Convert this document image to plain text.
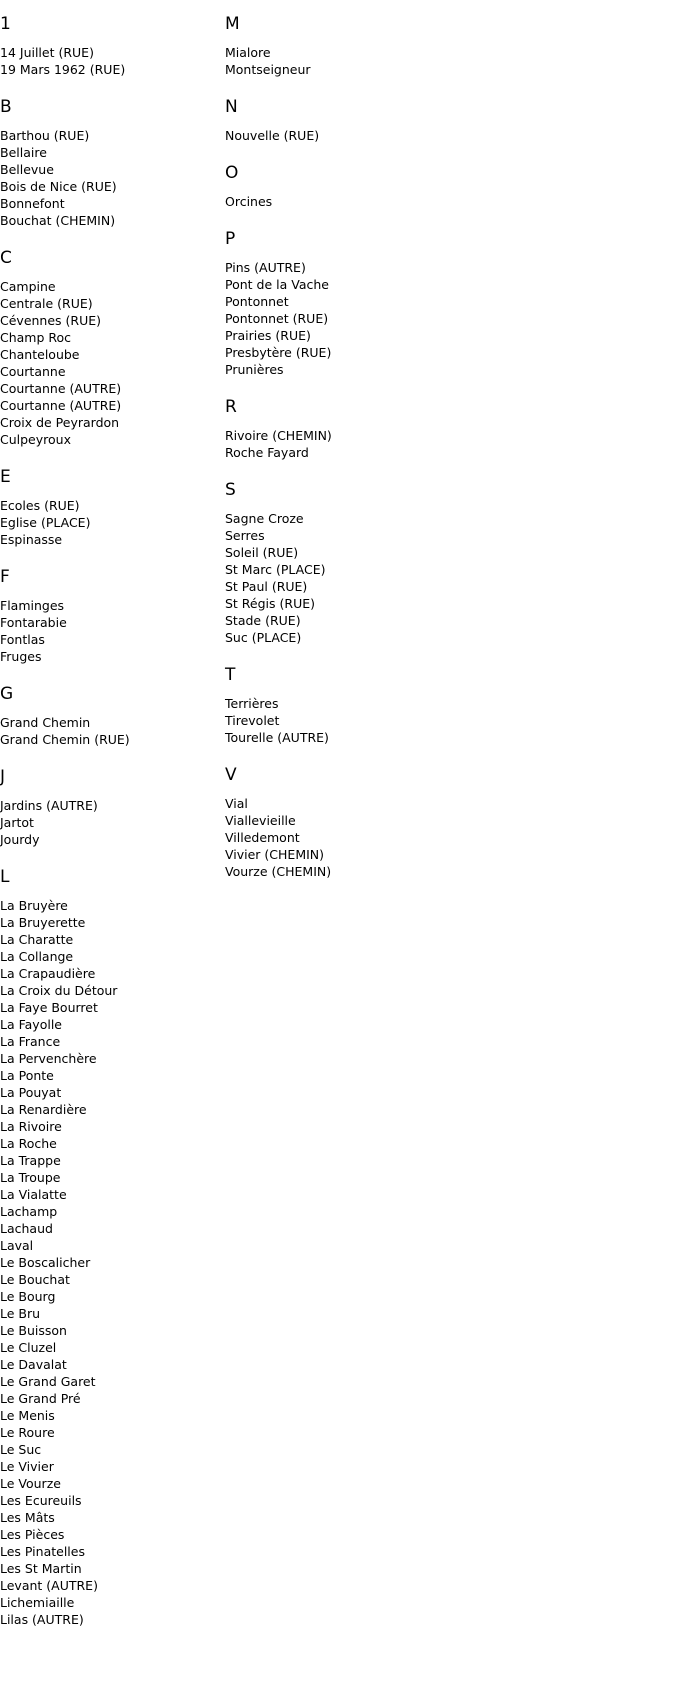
1
14 Juillet (RUE)
19 Mars 1962 (RUE)
B
Barthou (RUE)
Bellaire
Bellevue
Bois de Nice (RUE)
Bonnefont
Bouchat (CHEMIN)
C
Campine
Centrale (RUE)
Cévennes (RUE)
Champ Roc
Chanteloube
Courtanne
Courtanne (AUTRE)
Courtanne (AUTRE)
Croix de Peyrardon
Culpeyroux
E
Ecoles (RUE)
Eglise (PLACE)
Espinasse
F
Flaminges
Fontarabie
Fontlas
Fruges
G
Grand Chemin
Grand Chemin (RUE)
J
Jardins (AUTRE)
Jartot
Jourdy
L
La Bruyère
La Bruyerette
La Charatte
La Collange
La Crapaudière
La Croix du Détour
La Faye Bourret
La Fayolle
La France
La Pervenchère
La Ponte
La Pouyat
La Renardière
La Rivoire
La Roche
La Trappe
La Troupe
La Vialatte
Lachamp
Lachaud
Laval
Le Boscalicher
Le Bouchat
Le Bourg
Le Bru
Le Buisson
Le Cluzel
Le Davalat
Le Grand Garet
Le Grand Pré
Le Menis
Le Roure
Le Suc
Le Vivier
Le Vourze
Les Ecureuils
Les Mâts
Les Pièces
Les Pinatelles
Les St Martin
Levant (AUTRE)
Lichemiaille
Lilas (AUTRE)
M
Mialore
Montseigneur
N
Nouvelle (RUE)
O
Orcines
P
Pins (AUTRE)
Pont de la Vache
Pontonnet
Pontonnet (RUE)
Prairies (RUE)
Presbytère (RUE)
Prunières
R
Rivoire (CHEMIN)
Roche Fayard
S
Sagne Croze
Serres
Soleil (RUE)
St Marc (PLACE)
St Paul (RUE)
St Régis (RUE)
Stade (RUE)
Suc (PLACE)
T
Terrières
Tirevolet
Tourelle (AUTRE)
V
Vial
Viallevieille
Villedemont
Vivier (CHEMIN)
Vourze (CHEMIN)
